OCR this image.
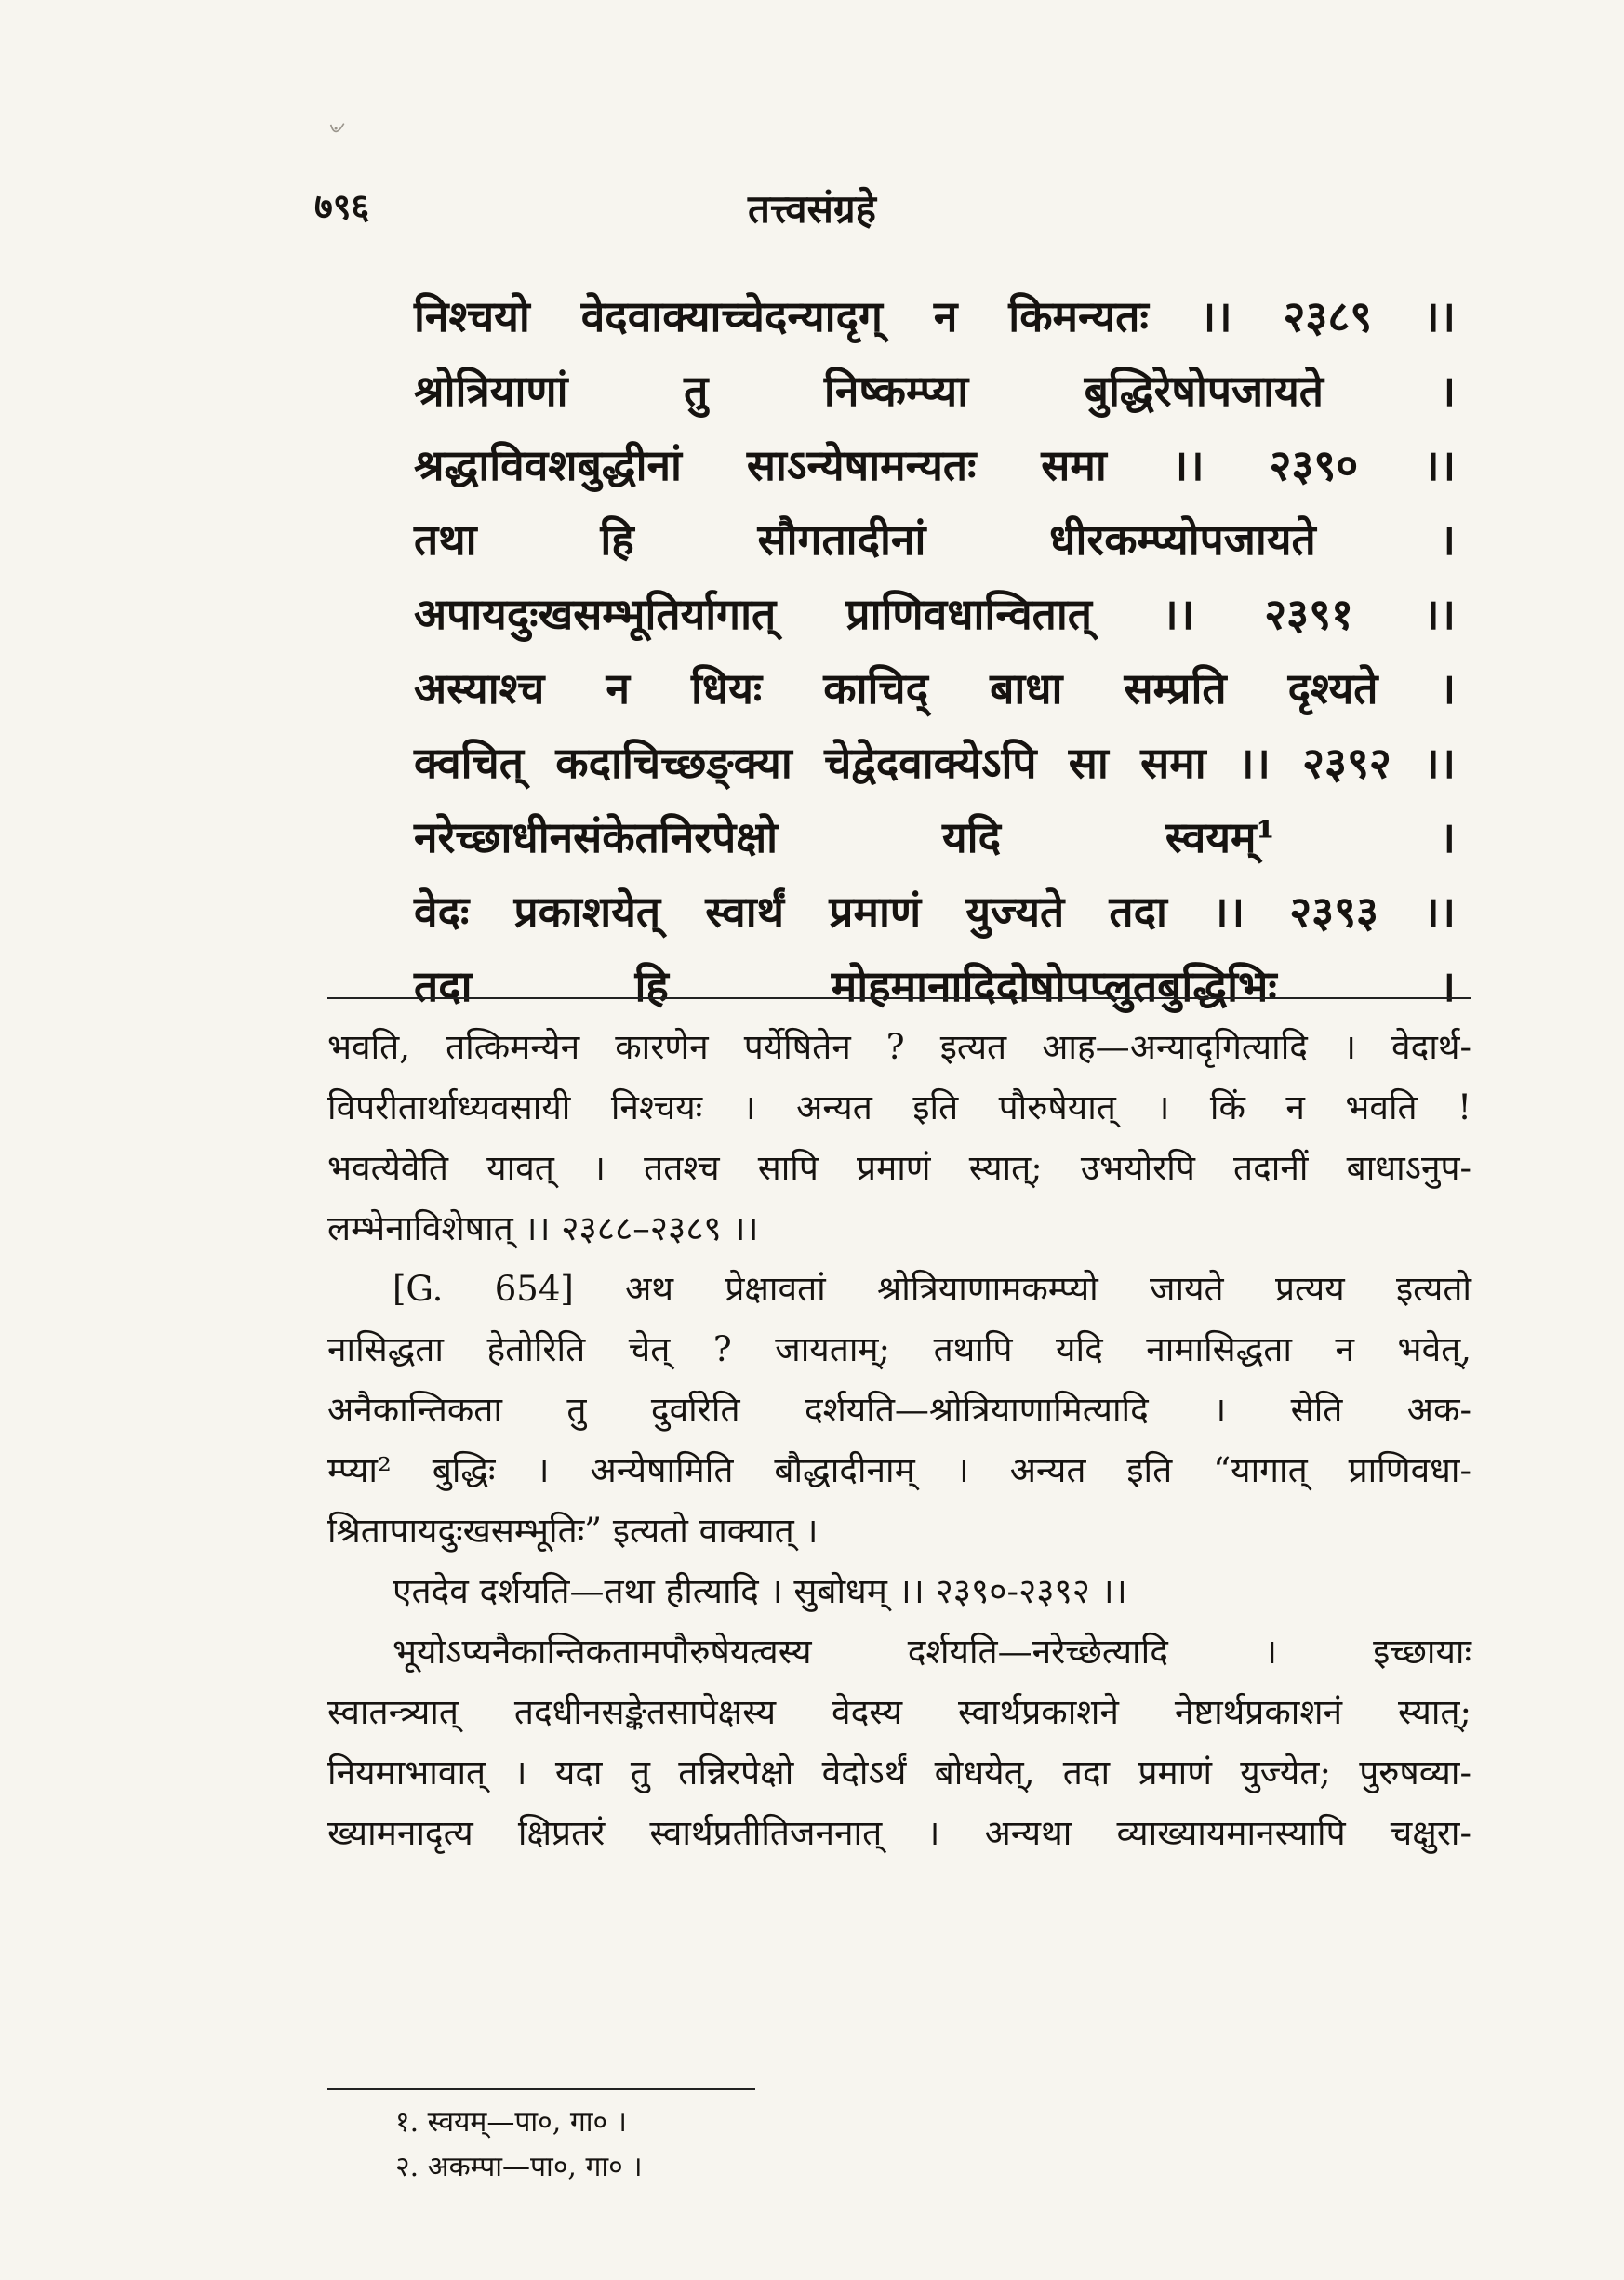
৺
तत्त्वसंग्रहे
७९६
निश्चयो वेदवाक्याच्चेदन्यादृग् न किमन्यतः ।। २३८९ ।।
श्रोत्रियाणां तु निष्कम्प्या बुद्धिरेषोपजायते ।
श्रद्धाविवशबुद्धीनां साऽन्येषामन्यतः समा ।। २३९० ।।
तथा हि सौगतादीनां धीरकम्प्योपजायते ।
अपायदुःखसम्भूतिर्यागात् प्राणिवधान्वितात् ।। २३९१ ।।
अस्याश्च न धियः काचिद् बाधा सम्प्रति दृश्यते ।
क्वचित् कदाचिच्छङ्क्या चेद्वेदवाक्येऽपि सा समा ।। २३९२ ।।
नरेच्छाधीनसंकेतनिरपेक्षो यदि स्वयम्¹ ।
वेदः प्रकाशयेत् स्वार्थं प्रमाणं युज्यते तदा ।। २३९३ ।।
तदा हि मोहमानादिदोषोपप्लुतबुद्धिभिः ।
भवति, तत्किमन्येन कारणेन पर्येषितेन ? इत्यत आह—अन्यादृगित्यादि । वेदार्थ-
विपरीतार्थाध्यवसायी निश्चयः । अन्यत इति पौरुषेयात् । किं न भवति !
भवत्येवेति यावत् । ततश्च सापि प्रमाणं स्यात्; उभयोरपि तदानीं बाधाऽनुप-
लम्भेनाविशेषात् ।। २३८८–२३८९ ।।
[G. 654] अथ प्रेक्षावतां श्रोत्रियाणामकम्प्यो जायते प्रत्यय इत्यतो
नासिद्धता हेतोरिति चेत् ? जायताम्; तथापि यदि नामासिद्धता न भवेत्,
अनैकान्तिकता तु दुर्वारेति दर्शयति—श्रोत्रियाणामित्यादि । सेति अक-
म्प्या² बुद्धिः । अन्येषामिति बौद्धादीनाम् । अन्यत इति “यागात् प्राणिवधा-
श्रितापायदुःखसम्भूतिः” इत्यतो वाक्यात् ।
एतदेव दर्शयति—तथा हीत्यादि । सुबोधम् ।। २३९०-२३९२ ।।
भूयोऽप्यनैकान्तिकतामपौरुषेयत्वस्य दर्शयति—नरेच्छेत्यादि । इच्छायाः
स्वातन्त्र्यात् तदधीनसङ्केतसापेक्षस्य वेदस्य स्वार्थप्रकाशने नेष्टार्थप्रकाशनं स्यात्;
नियमाभावात् । यदा तु तन्निरपेक्षो वेदोऽर्थं बोधयेत्, तदा प्रमाणं युज्येत; पुरुषव्या-
ख्यामनादृत्य क्षिप्रतरं स्वार्थप्रतीतिजननात् । अन्यथा व्याख्यायमानस्यापि चक्षुरा-
१. स्वयम्—पा०, गा० ।
२. अकम्पा—पा०, गा० ।
